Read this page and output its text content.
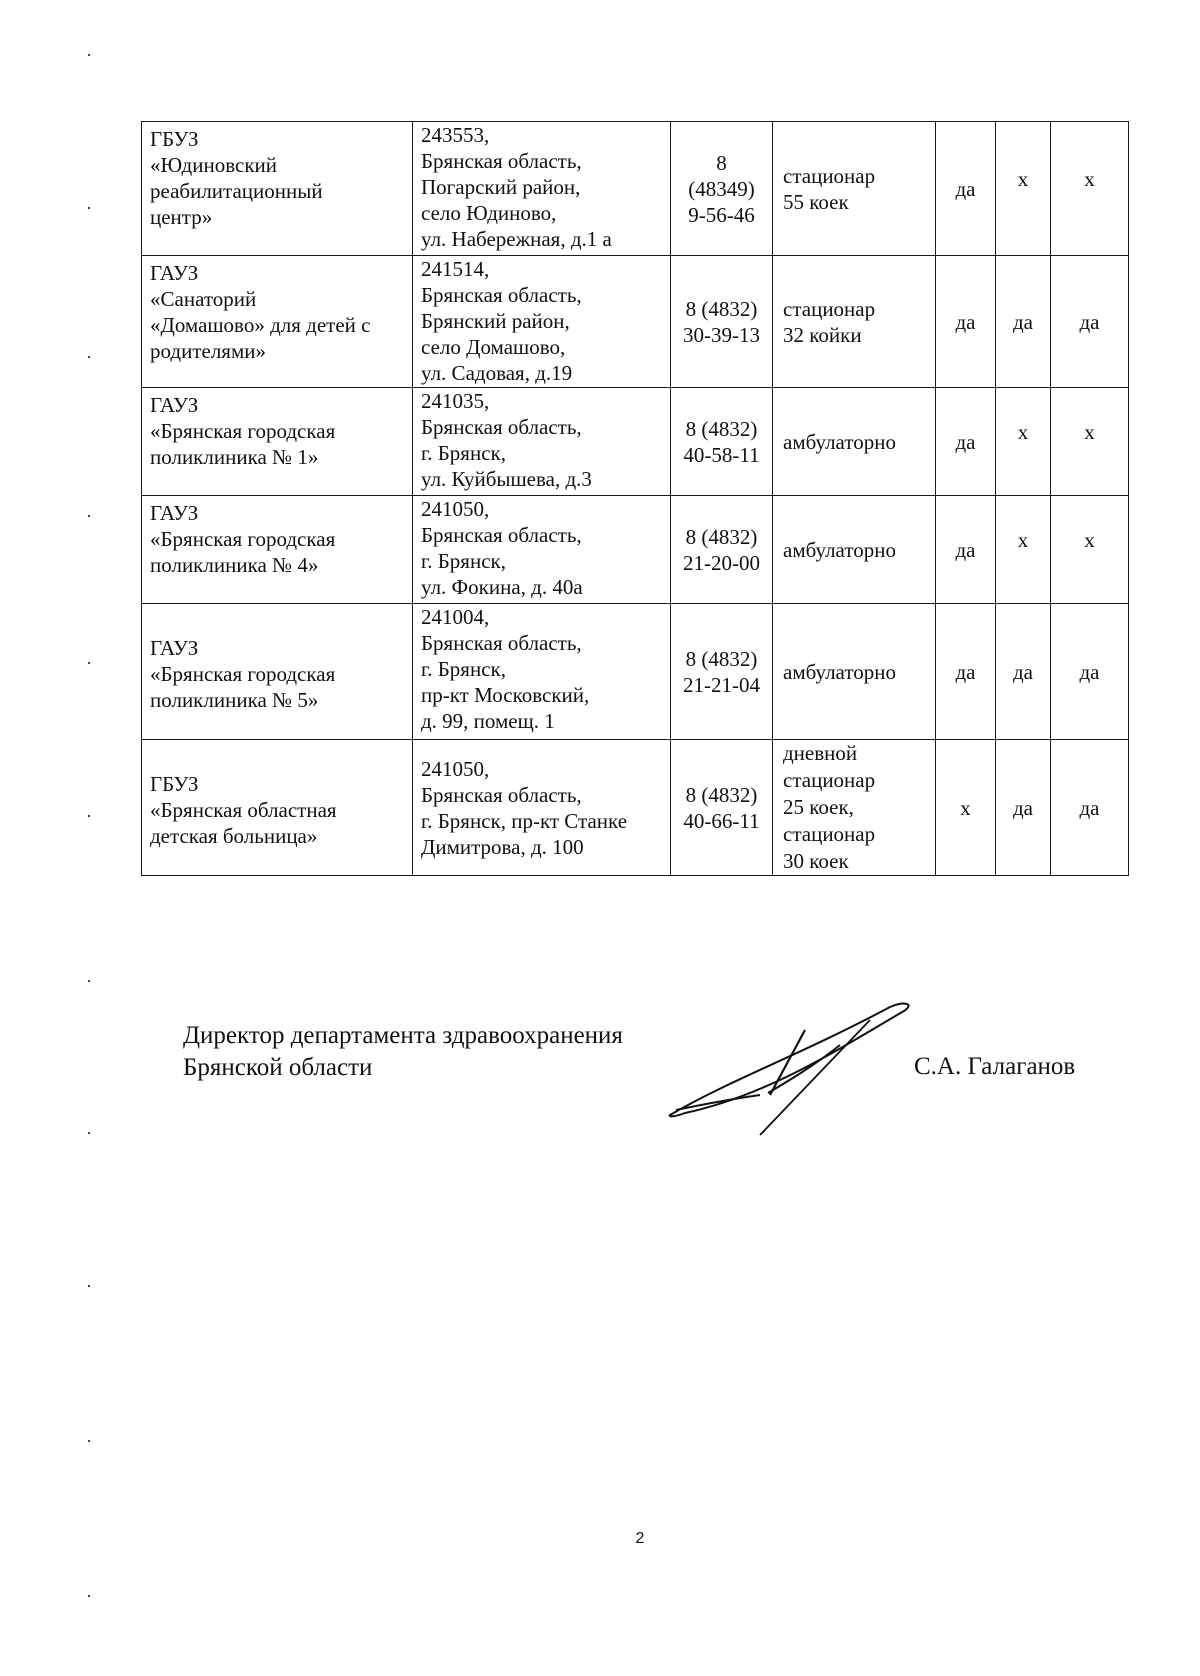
ГБУЗ
«Юдиновский
реабилитационный
центр»	243553,
Брянская область,
Погарский район,
село Юдиново,
ул. Набережная, д.1 а	8
(48349)
9-56-46	стационар
55 коек	да	х	х

ГАУЗ
«Санаторий
«Домашово» для детей с
родителями»	241514,
Брянская область,
Брянский район,
село Домашово,
ул. Садовая, д.19	8 (4832)
30-39-13	стационар
32 койки	да	да	да

ГАУЗ
«Брянская городская
поликлиника № 1»	241035,
Брянская область,
г. Брянск,
ул. Куйбышева, д.3	8 (4832)
40-58-11	амбулаторно	да	х	х

ГАУЗ
«Брянская городская
поликлиника № 4»	241050,
Брянская область,
г. Брянск,
ул. Фокина, д. 40а	8 (4832)
21-20-00	амбулаторно	да	х	х

ГАУЗ
«Брянская городская
поликлиника № 5»	241004,
Брянская область,
г. Брянск,
пр-кт Московский,
д. 99, помещ. 1	8 (4832)
21-21-04	амбулаторно	да	да	да

ГБУЗ
«Брянская областная
детская больница»	241050,
Брянская область,
г. Брянск, пр-кт Станке
Димитрова, д. 100	8 (4832)
40-66-11	дневной
стационар
25 коек,
стационар
30 коек	х	да	да
Директор департамента здравоохранения
Брянской области	С.А. Галаганов
2
